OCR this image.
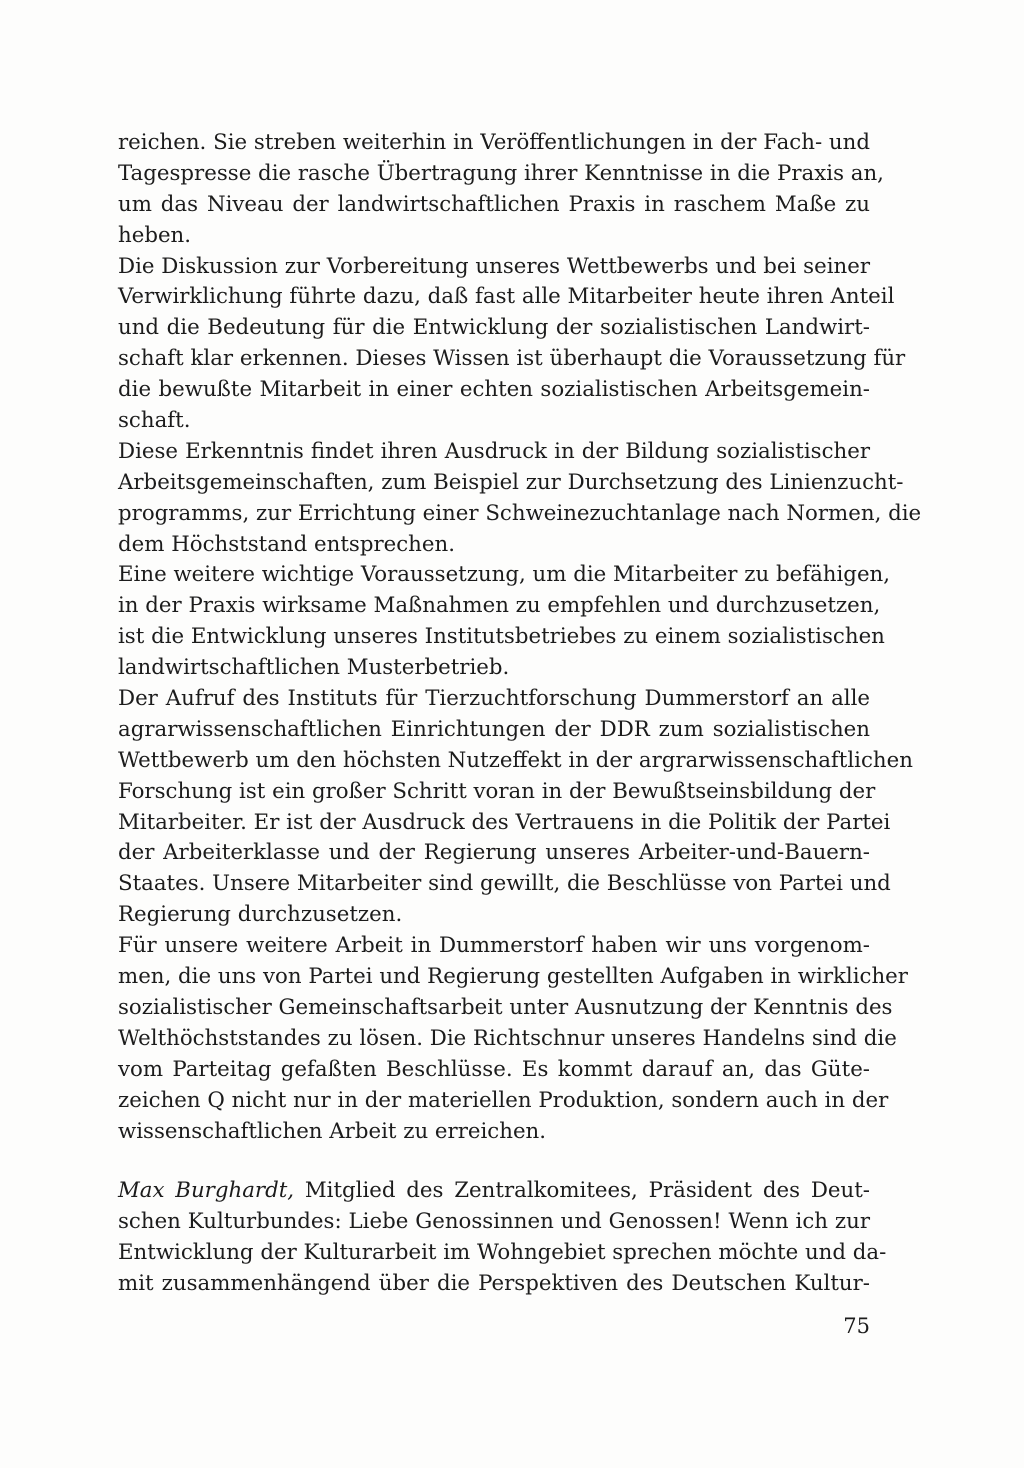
reichen. Sie streben weiterhin in Veröffentlichungen in der Fach- und
Tagespresse die rasche Übertragung ihrer Kenntnisse in die Praxis an,
um das Niveau der landwirtschaftlichen Praxis in raschem Maße zu
heben.
Die Diskussion zur Vorbereitung unseres Wettbewerbs und bei seiner
Verwirklichung führte dazu, daß fast alle Mitarbeiter heute ihren Anteil
und die Bedeutung für die Entwicklung der sozialistischen Landwirt-
schaft klar erkennen. Dieses Wissen ist überhaupt die Voraussetzung für
die bewußte Mitarbeit in einer echten sozialistischen Arbeitsgemein-
schaft.
Diese Erkenntnis findet ihren Ausdruck in der Bildung sozialistischer
Arbeitsgemeinschaften, zum Beispiel zur Durchsetzung des Linienzucht-
programms, zur Errichtung einer Schweinezuchtanlage nach Normen, die
dem Höchststand entsprechen.
Eine weitere wichtige Voraussetzung, um die Mitarbeiter zu befähigen,
in der Praxis wirksame Maßnahmen zu empfehlen und durchzusetzen,
ist die Entwicklung unseres Institutsbetriebes zu einem sozialistischen
landwirtschaftlichen Musterbetrieb.
Der Aufruf des Instituts für Tierzuchtforschung Dummerstorf an alle
agrarwissenschaftlichen Einrichtungen der DDR zum sozialistischen
Wettbewerb um den höchsten Nutzeffekt in der argrarwissenschaftlichen
Forschung ist ein großer Schritt voran in der Bewußtseinsbildung der
Mitarbeiter. Er ist der Ausdruck des Vertrauens in die Politik der Partei
der Arbeiterklasse und der Regierung unseres Arbeiter-und-Bauern-
Staates. Unsere Mitarbeiter sind gewillt, die Beschlüsse von Partei und
Regierung durchzusetzen.
Für unsere weitere Arbeit in Dummerstorf haben wir uns vorgenom-
men, die uns von Partei und Regierung gestellten Aufgaben in wirklicher
sozialistischer Gemeinschaftsarbeit unter Ausnutzung der Kenntnis des
Welthöchststandes zu lösen. Die Richtschnur unseres Handelns sind die
vom Parteitag gefaßten Beschlüsse. Es kommt darauf an, das Güte-
zeichen Q nicht nur in der materiellen Produktion, sondern auch in der
wissenschaftlichen Arbeit zu erreichen.
Max Burghardt, Mitglied des Zentralkomitees, Präsident des Deut-
schen Kulturbundes: Liebe Genossinnen und Genossen! Wenn ich zur
Entwicklung der Kulturarbeit im Wohngebiet sprechen möchte und da-
mit zusammenhängend über die Perspektiven des Deutschen Kultur-
75
